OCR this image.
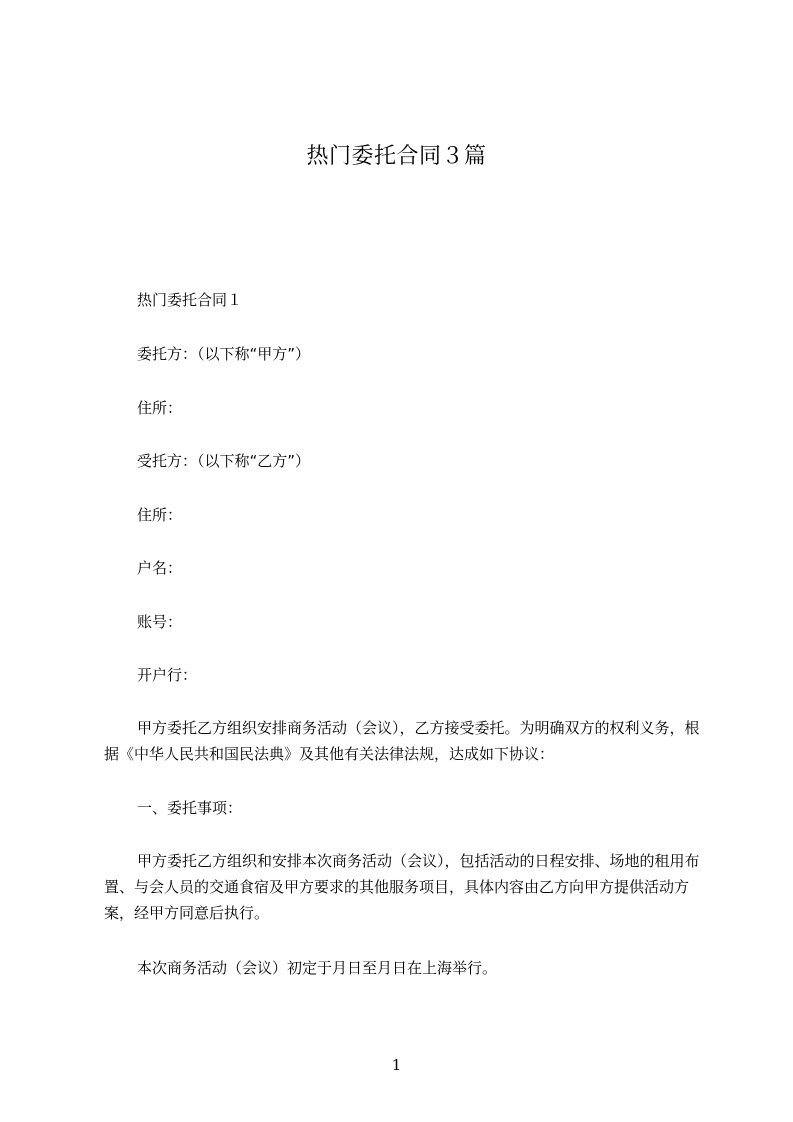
热门委托合同３篇
热门委托合同１
委托方：（以下称“甲方”）
住所：
受托方：（以下称“乙方”）
住所：
户名：
账号：
开户行：
甲方委托乙方组织安排商务活动（会议），乙方接受委托。为明确双方的权利义务，根据《中华人民共和国民法典》及其他有关法律法规，达成如下协议：
一、委托事项：
甲方委托乙方组织和安排本次商务活动（会议），包括活动的日程安排、场地的租用布置、与会人员的交通食宿及甲方要求的其他服务项目，具体内容由乙方向甲方提供活动方案，经甲方同意后执行。
本次商务活动（会议）初定于月日至月日在上海举行。
1
